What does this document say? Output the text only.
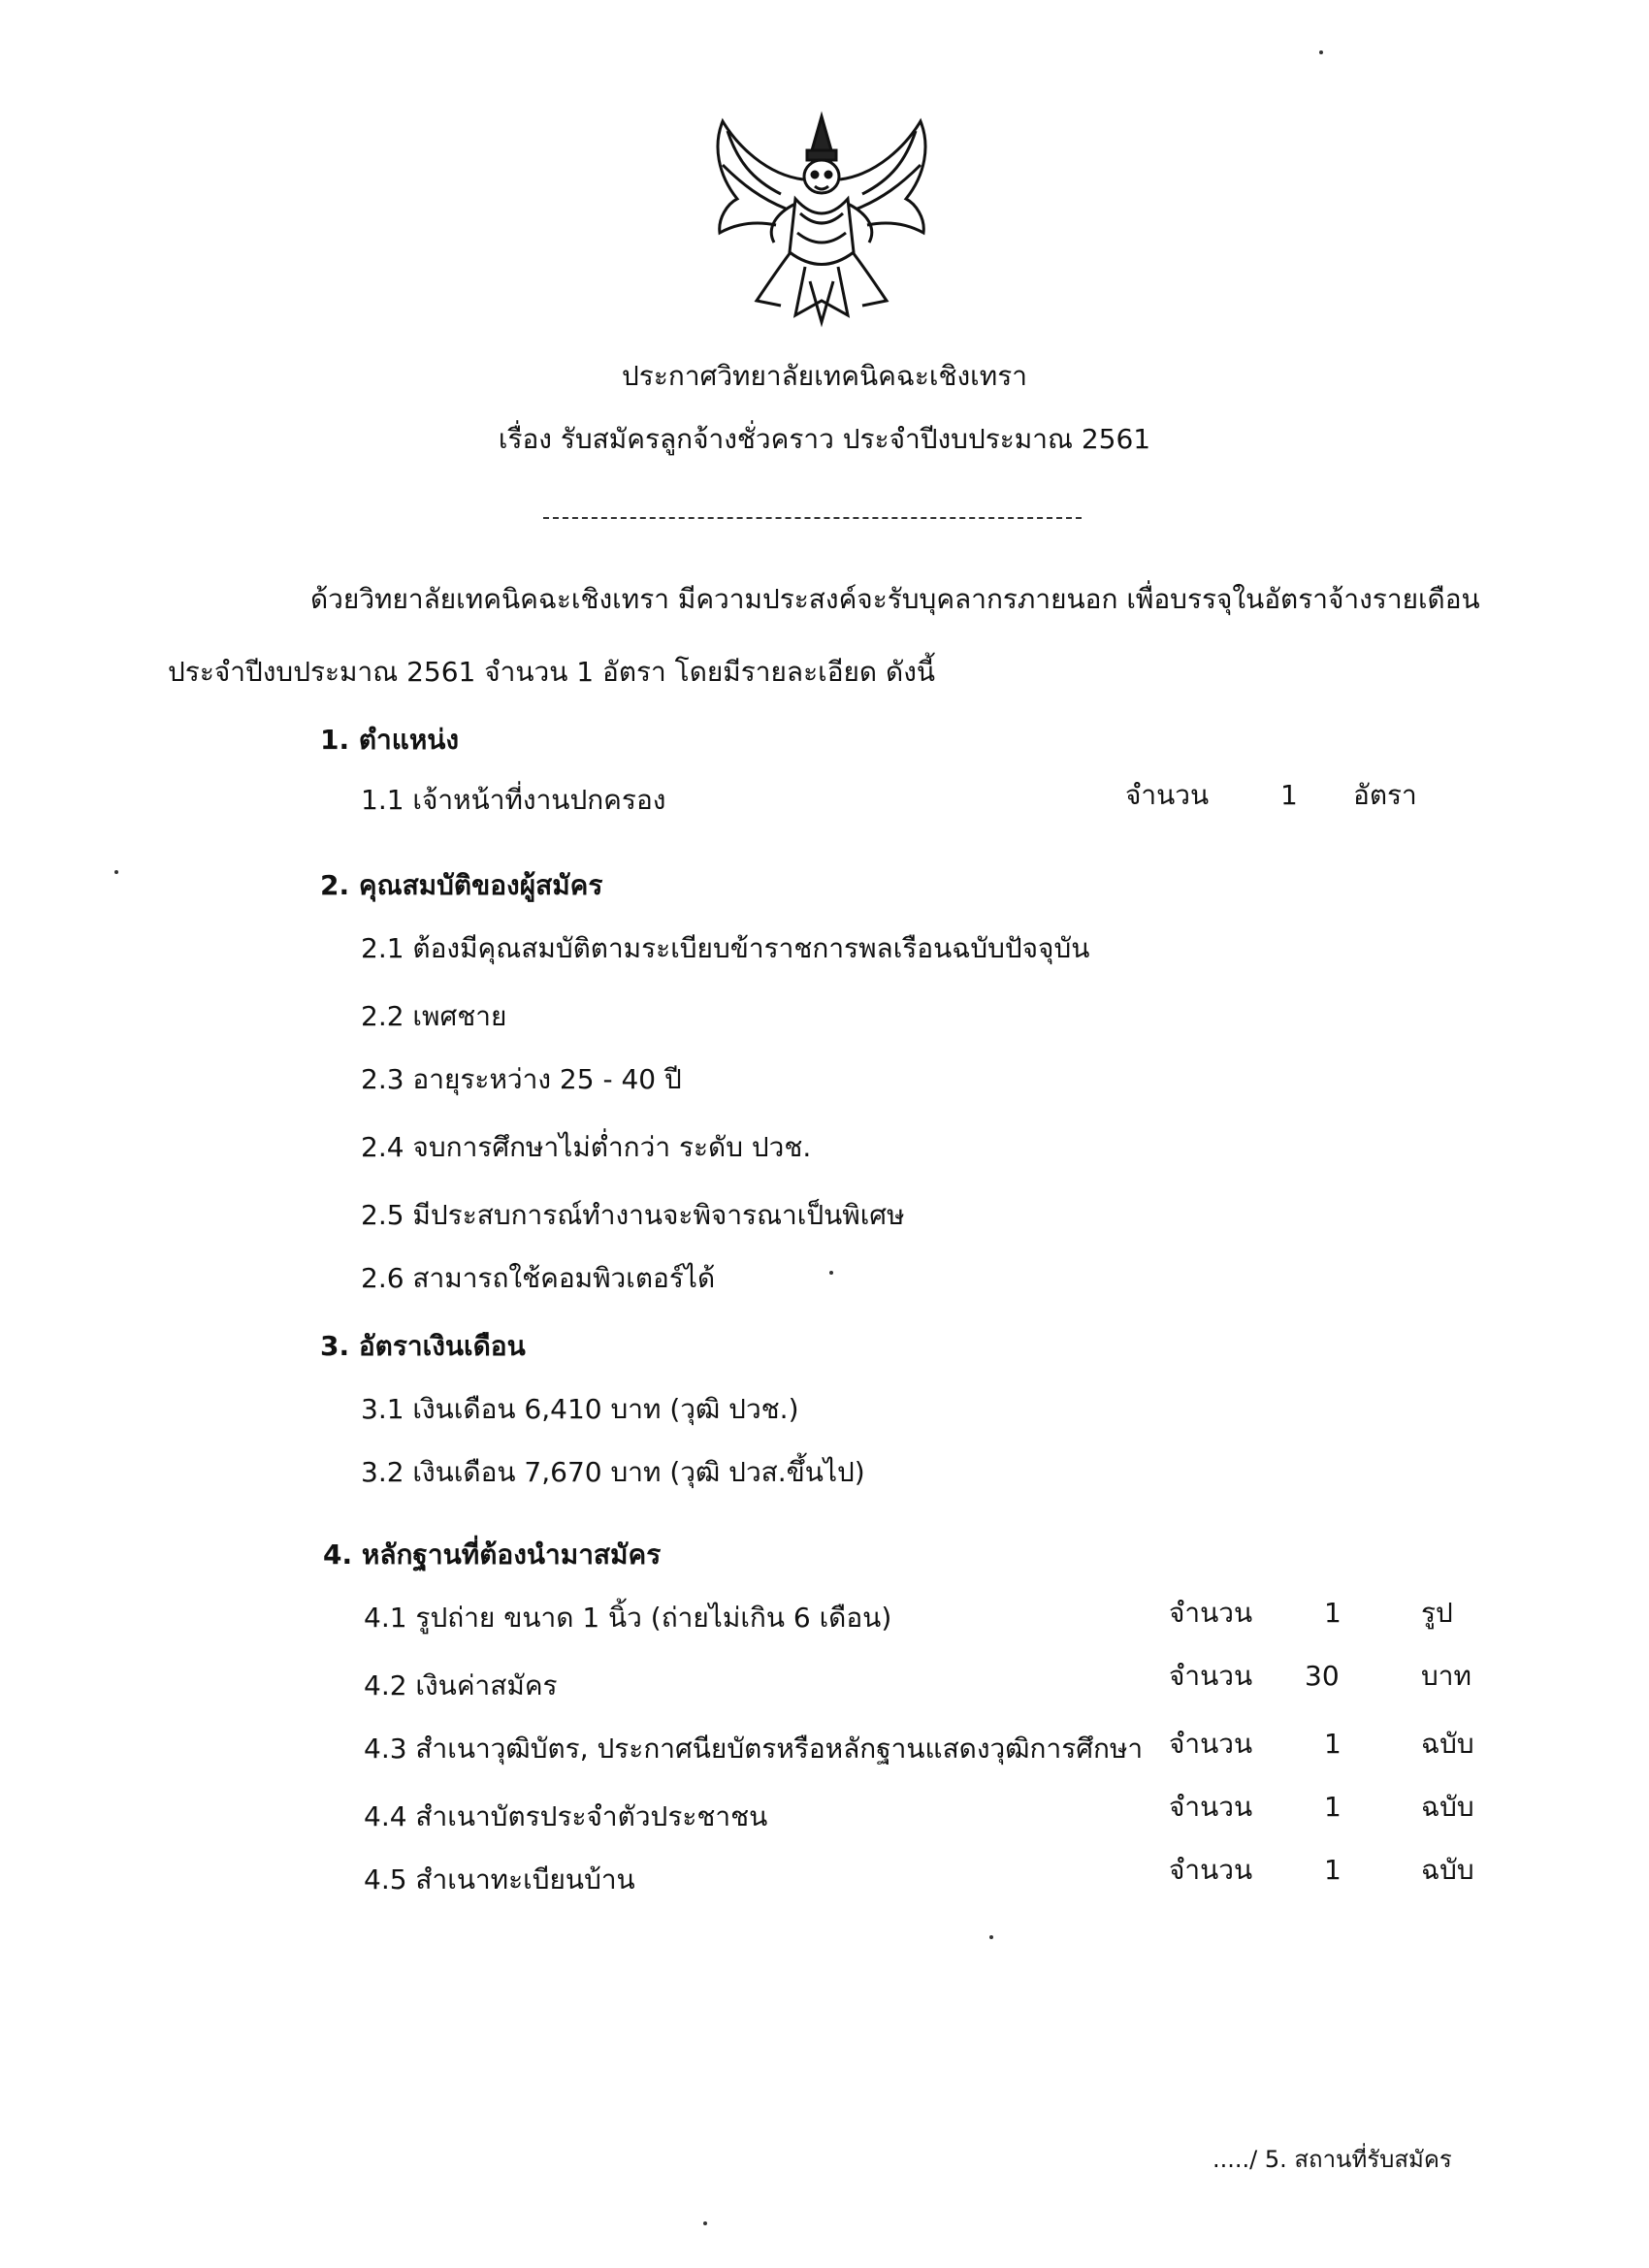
ประกาศวิทยาลัยเทคนิคฉะเชิงเทรา
เรื่อง รับสมัครลูกจ้างชั่วคราว ประจำปีงบประมาณ 2561
ด้วยวิทยาลัยเทคนิคฉะเชิงเทรา มีความประสงค์จะรับบุคลากรภายนอก เพื่อบรรจุในอัตราจ้างรายเดือน
ประจำปีงบประมาณ 2561 จำนวน 1 อัตรา โดยมีรายละเอียด ดังนี้
1. ตำแหน่ง
1.1 เจ้าหน้าที่งานปกครอง	จำนวน	1 อัตรา
2. คุณสมบัติของผู้สมัคร
2.1 ต้องมีคุณสมบัติตามระเบียบข้าราชการพลเรือนฉบับปัจจุบัน
2.2 เพศชาย
2.3 อายุระหว่าง 25 - 40 ปี
2.4 จบการศึกษาไม่ต่ำกว่า ระดับ ปวช.
2.5 มีประสบการณ์ทำงานจะพิจารณาเป็นพิเศษ
2.6 สามารถใช้คอมพิวเตอร์ได้
3. อัตราเงินเดือน
3.1 เงินเดือน 6,410 บาท (วุฒิ ปวช.)
3.2 เงินเดือน 7,670 บาท (วุฒิ ปวส.ขึ้นไป)
4. หลักฐานที่ต้องนำมาสมัคร
4.1 รูปถ่าย ขนาด 1 นิ้ว (ถ่ายไม่เกิน 6 เดือน)	จำนวน	1	รูป
4.2 เงินค่าสมัคร	จำนวน 30	บาท
4.3 สำเนาวุฒิบัตร, ประกาศนียบัตรหรือหลักฐานแสดงวุฒิการศึกษา จำนวน	1	ฉบับ
4.4 สำเนาบัตรประจำตัวประชาชน	จำนวน	1	ฉบับ
4.5 สำเนาทะเบียนบ้าน	จำนวน	1	ฉบับ
...../ 5. สถานที่รับสมัคร
